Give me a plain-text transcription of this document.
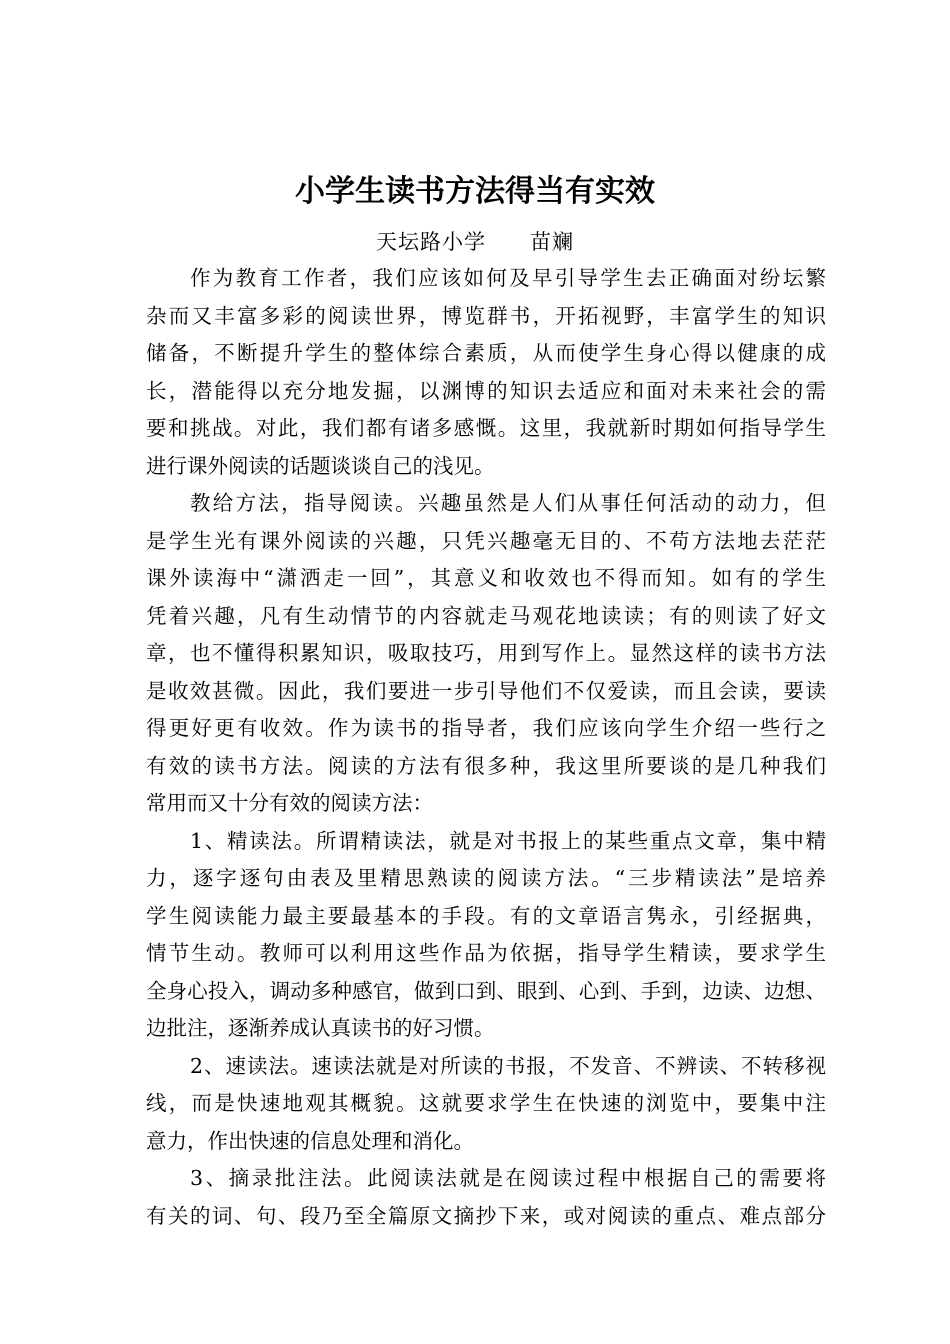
小学生读书方法得当有实效
天坛路小学 苗斓
作为教育工作者，我们应该如何及早引导学生去正确面对纷坛繁
杂而又丰富多彩的阅读世界，博览群书，开拓视野，丰富学生的知识
储备，不断提升学生的整体综合素质，从而使学生身心得以健康的成
长，潜能得以充分地发掘，以渊博的知识去适应和面对未来社会的需
要和挑战。对此，我们都有诸多感慨。这里，我就新时期如何指导学生
进行课外阅读的话题谈谈自己的浅见。
教给方法，指导阅读。兴趣虽然是人们从事任何活动的动力，但
是学生光有课外阅读的兴趣，只凭兴趣毫无目的、不苟方法地去茫茫
课外读海中“潇洒走一回”，其意义和收效也不得而知。如有的学生
凭着兴趣，凡有生动情节的内容就走马观花地读读；有的则读了好文
章，也不懂得积累知识，吸取技巧，用到写作上。显然这样的读书方法
是收效甚微。因此，我们要进一步引导他们不仅爱读，而且会读，要读
得更好更有收效。作为读书的指导者，我们应该向学生介绍一些行之
有效的读书方法。阅读的方法有很多种，我这里所要谈的是几种我们
常用而又十分有效的阅读方法：
1、精读法。所谓精读法，就是对书报上的某些重点文章，集中精
力，逐字逐句由表及里精思熟读的阅读方法。“三步精读法”是培养
学生阅读能力最主要最基本的手段。有的文章语言隽永，引经据典，
情节生动。教师可以利用这些作品为依据，指导学生精读，要求学生
全身心投入，调动多种感官，做到口到、眼到、心到、手到，边读、边想、
边批注，逐渐养成认真读书的好习惯。
2、速读法。速读法就是对所读的书报，不发音、不辨读、不转移视
线，而是快速地观其概貌。这就要求学生在快速的浏览中，要集中注
意力，作出快速的信息处理和消化。
3、摘录批注法。此阅读法就是在阅读过程中根据自己的需要将
有关的词、句、段乃至全篇原文摘抄下来，或对阅读的重点、难点部分
